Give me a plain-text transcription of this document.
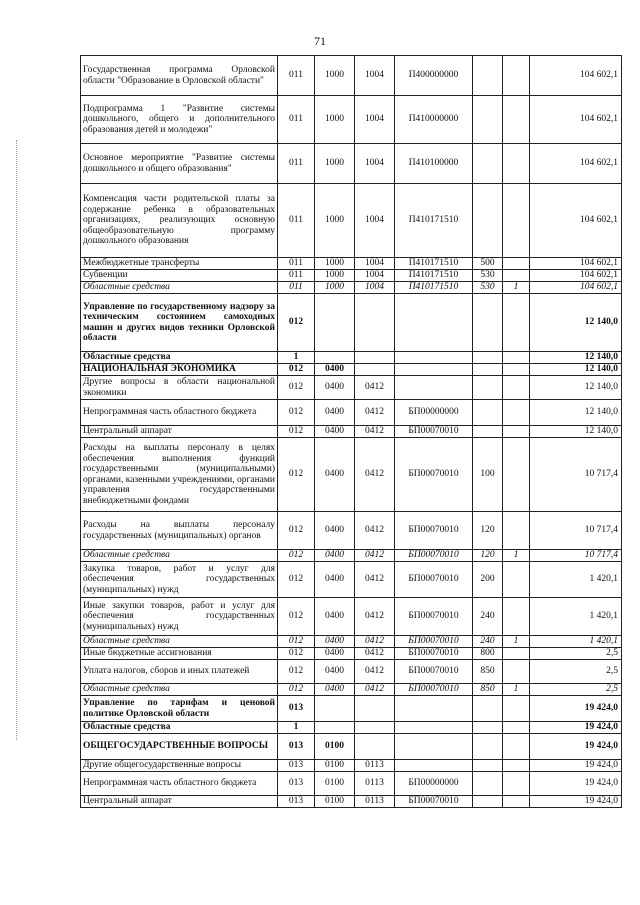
71
Государственная программа Орловской области "Образование в Орловской области"	011	1000	1004	П400000000			104 602,1
Подпрограмма 1 "Развитие системы дошкольного, общего и дополнительного образования детей и молодежи"	011	1000	1004	П410000000			104 602,1
Основное мероприятие "Развитие системы дошкольного и общего образования"	011	1000	1004	П410100000			104 602,1
Компенсация части родительской платы за содержание ребенка в образовательных организациях, реализующих основную общеобразовательную программу дошкольного образования	011	1000	1004	П410171510			104 602,1
Межбюджетные трансферты	011	1000	1004	П410171510	500		104 602,1
Субвенции	011	1000	1004	П410171510	530		104 602,1
Областные средства	011	1000	1004	П410171510	530	1	104 602,1
Управление по государственному надзору за техническим состоянием самоходных машин и других видов техники Орловской области	012						12 140,0
Областные средства	1						12 140,0
НАЦИОНАЛЬНАЯ ЭКОНОМИКА	012	0400					12 140,0
Другие вопросы в области национальной экономики	012	0400	0412				12 140,0
Непрограммная часть областного бюджета	012	0400	0412	БП00000000			12 140,0
Центральный аппарат	012	0400	0412	БП00070010			12 140,0
Расходы на выплаты персоналу в целях обеспечения выполнения функций государственными (муниципальными) органами, казенными учреждениями, органами управления государственными внебюджетными фондами	012	0400	0412	БП00070010	100		10 717,4
Расходы на выплаты персоналу государственных (муниципальных) органов	012	0400	0412	БП00070010	120		10 717,4
Областные средства	012	0400	0412	БП00070010	120	1	10 717,4
Закупка товаров, работ и услуг для обеспечения государственных (муниципальных) нужд	012	0400	0412	БП00070010	200		1 420,1
Иные закупки товаров, работ и услуг для обеспечения государственных (муниципальных) нужд	012	0400	0412	БП00070010	240		1 420,1
Областные средства	012	0400	0412	БП00070010	240	1	1 420,1
Иные бюджетные ассигнования	012	0400	0412	БП00070010	800		2,5
Уплата налогов, сборов и иных платежей	012	0400	0412	БП00070010	850		2,5
Областные средства	012	0400	0412	БП00070010	850	1	2,5
Управление по тарифам и ценовой политике Орловской области	013						19 424,0
Областные средства	1						19 424,0
ОБЩЕГОСУДАРСТВЕННЫЕ ВОПРОСЫ	013	0100					19 424,0
Другие общегосударственные вопросы	013	0100	0113				19 424,0
Непрограммная часть областного бюджета	013	0100	0113	БП00000000			19 424,0
Центральный аппарат	013	0100	0113	БП00070010			19 424,0
